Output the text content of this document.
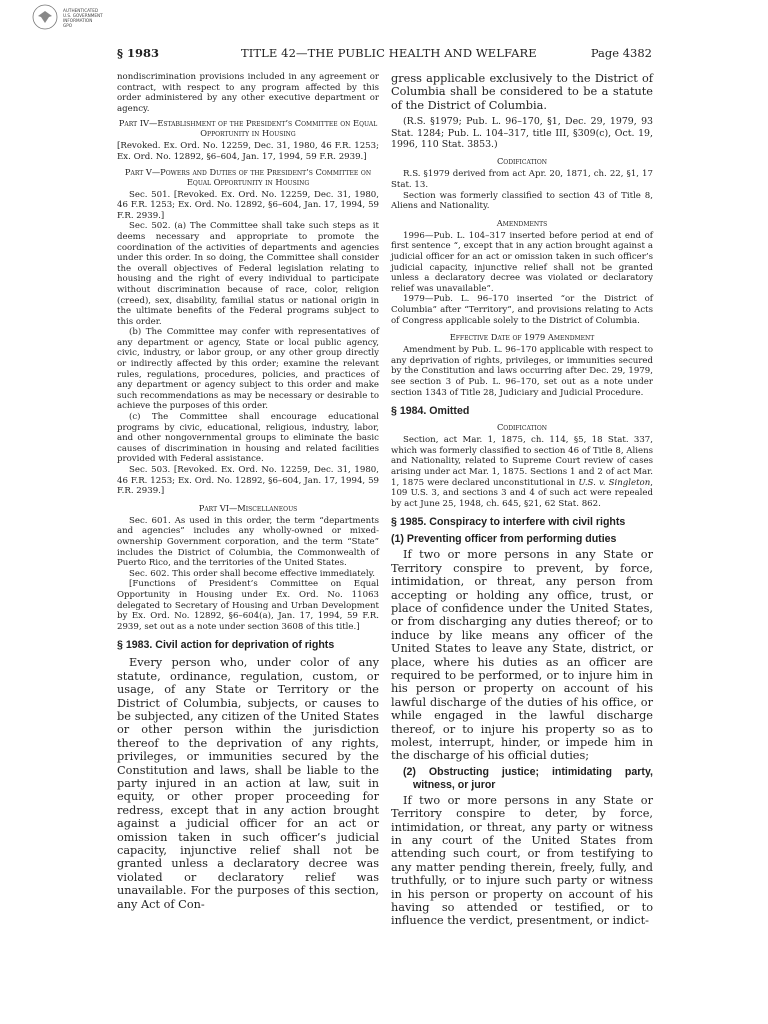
AUTHENTICATED
U.S. GOVERNMENT
INFORMATION
GPO
§ 1983	TITLE 42—THE PUBLIC HEALTH AND WELFARE	Page 4382

nondiscrimination provisions included in any agreement or contract, with respect to any program affected by this order administered by any other executive department or agency.

Part IV—Establishment of the President’s Committee on Equal Opportunity in Housing

[Revoked. Ex. Ord. No. 12259, Dec. 31, 1980, 46 F.R. 1253; Ex. Ord. No. 12892, §6–604, Jan. 17, 1994, 59 F.R. 2939.]

Part V—Powers and Duties of the President’s Committee on Equal Opportunity in Housing

Sec. 501. [Revoked. Ex. Ord. No. 12259, Dec. 31, 1980, 46 F.R. 1253; Ex. Ord. No. 12892, §6–604, Jan. 17, 1994, 59 F.R. 2939.]

Sec. 502. (a) The Committee shall take such steps as it deems necessary and appropriate to promote the coordination of the activities of departments and agencies under this order. In so doing, the Committee shall consider the overall objectives of Federal legislation relating to housing and the right of every individual to participate without discrimination because of race, color, religion (creed), sex, disability, familial status or national origin in the ultimate benefits of the Federal programs subject to this order.

(b) The Committee may confer with representatives of any department or agency, State or local public agency, civic, industry, or labor group, or any other group directly or indirectly affected by this order; examine the relevant rules, regulations, procedures, policies, and practices of any department or agency subject to this order and make such recommendations as may be necessary or desirable to achieve the purposes of this order.

(c) The Committee shall encourage educational programs by civic, educational, religious, industry, labor, and other nongovernmental groups to eliminate the basic causes of discrimination in housing and related facilities provided with Federal assistance.

Sec. 503. [Revoked. Ex. Ord. No. 12259, Dec. 31, 1980, 46 F.R. 1253; Ex. Ord. No. 12892, §6–604, Jan. 17, 1994, 59 F.R. 2939.]

Part VI—Miscellaneous

Sec. 601. As used in this order, the term “departments and agencies” includes any wholly-owned or mixed-ownership Government corporation, and the term “State” includes the District of Columbia, the Commonwealth of Puerto Rico, and the territories of the United States.

Sec. 602. This order shall become effective immediately.

[Functions of President’s Committee on Equal Opportunity in Housing under Ex. Ord. No. 11063 delegated to Secretary of Housing and Urban Development by Ex. Ord. No. 12892, §6–604(a), Jan. 17, 1994, 59 F.R. 2939, set out as a note under section 3608 of this title.]

§ 1983. Civil action for deprivation of rights

Every person who, under color of any statute, ordinance, regulation, custom, or usage, of any State or Territory or the District of Columbia, subjects, or causes to be subjected, any citizen of the United States or other person within the jurisdiction thereof to the deprivation of any rights, privileges, or immunities secured by the Constitution and laws, shall be liable to the party injured in an action at law, suit in equity, or other proper proceeding for redress, except that in any action brought against a judicial officer for an act or omission taken in such officer’s judicial capacity, injunctive relief shall not be granted unless a declaratory decree was violated or declaratory relief was unavailable. For the purposes of this section, any Act of Con-

gress applicable exclusively to the District of Columbia shall be considered to be a statute of the District of Columbia.

(R.S. §1979; Pub. L. 96–170, §1, Dec. 29, 1979, 93 Stat. 1284; Pub. L. 104–317, title III, §309(c), Oct. 19, 1996, 110 Stat. 3853.)

Codification

R.S. §1979 derived from act Apr. 20, 1871, ch. 22, §1, 17 Stat. 13.

Section was formerly classified to section 43 of Title 8, Aliens and Nationality.

Amendments

1996—Pub. L. 104–317 inserted before period at end of first sentence “, except that in any action brought against a judicial officer for an act or omission taken in such officer’s judicial capacity, injunctive relief shall not be granted unless a declaratory decree was violated or declaratory relief was unavailable”.

1979—Pub. L. 96–170 inserted “or the District of Columbia” after “Territory”, and provisions relating to Acts of Congress applicable solely to the District of Columbia.

Effective Date of 1979 Amendment

Amendment by Pub. L. 96–170 applicable with respect to any deprivation of rights, privileges, or immunities secured by the Constitution and laws occurring after Dec. 29, 1979, see section 3 of Pub. L. 96–170, set out as a note under section 1343 of Title 28, Judiciary and Judicial Procedure.

§ 1984. Omitted
Codification

Section, act Mar. 1, 1875, ch. 114, §5, 18 Stat. 337, which was formerly classified to section 46 of Title 8, Aliens and Nationality, related to Supreme Court review of cases arising under act Mar. 1, 1875. Sections 1 and 2 of act Mar. 1, 1875 were declared unconstitutional in U.S. v. Singleton, 109 U.S. 3, and sections 3 and 4 of such act were repealed by act June 25, 1948, ch. 645, §21, 62 Stat. 862.

§ 1985. Conspiracy to interfere with civil rights
(1) Preventing officer from performing duties

If two or more persons in any State or Territory conspire to prevent, by force, intimidation, or threat, any person from accepting or holding any office, trust, or place of confidence under the United States, or from discharging any duties thereof; or to induce by like means any officer of the United States to leave any State, district, or place, where his duties as an officer are required to be performed, or to injure him in his person or property on account of his lawful discharge of the duties of his office, or while engaged in the lawful discharge thereof, or to injure his property so as to molest, interrupt, hinder, or impede him in the discharge of his official duties;

(2) Obstructing justice; intimidating party, witness, or juror

If two or more persons in any State or Territory conspire to deter, by force, intimidation, or threat, any party or witness in any court of the United States from attending such court, or from testifying to any matter pending therein, freely, fully, and truthfully, or to injure such party or witness in his person or property on account of his having so attended or testified, or to influence the verdict, presentment, or indict-
